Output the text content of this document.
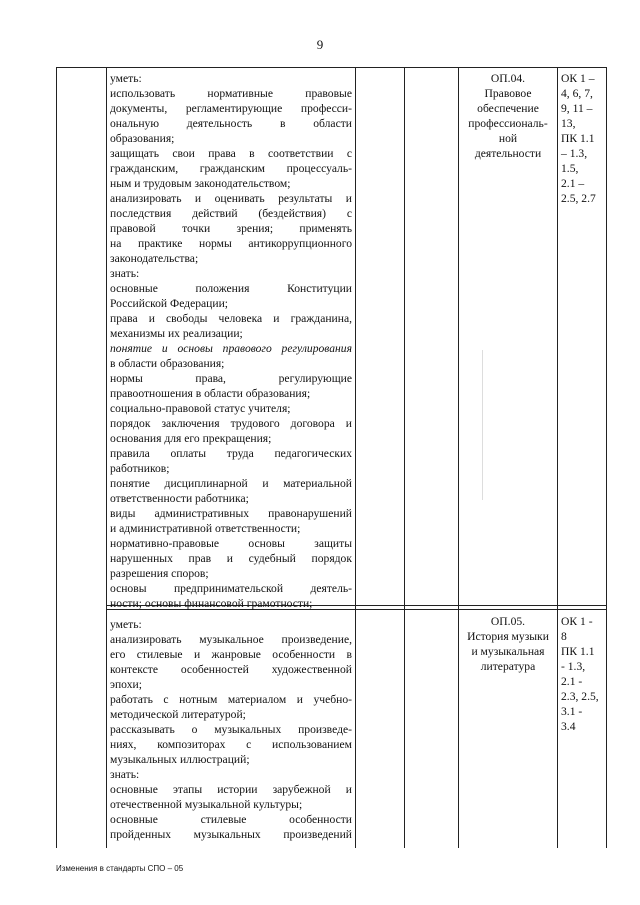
9

уметь:

использовать нормативные правовые

документы, регламентирующие професси-

ональную деятельность в области

образования;

защищать свои права в соответствии с

гражданским, гражданским процессуаль-

ным и трудовым законодательством;

анализировать и оценивать результаты и

последствия действий (бездействия) с

правовой точки зрения; применять

на практике нормы антикоррупционного

законодательства;

знать:

основные положения Конституции

Российской Федерации;

права и свободы человека и гражданина,

механизмы их реализации;

понятие и основы правового регулирования

в области образования;

нормы права, регулирующие

правоотношения в области образования;

социально-правовой статус учителя;

порядок заключения трудового договора и

основания для его прекращения;

правила оплаты труда педагогических

работников;

понятие дисциплинарной и материальной

ответственности работника;

виды административных правонарушений

и административной ответственности;

нормативно-правовые основы защиты

нарушенных прав и судебный порядок

разрешения споров;

основы предпринимательской деятель-

ности; основы финансовой грамотности;

ОП.04.
Правовое
обеспечение
профессиональ-
ной
деятельности
ОК 1 –
4, 6, 7,
9, 11 –
13,
ПК 1.1
– 1.3,
1.5,
2.1 –
2.5, 2.7

уметь:

анализировать музыкальное произведение,

его стилевые и жанровые особенности в

контексте особенностей художественной

эпохи;

работать с нотным материалом и учебно-

методической литературой;

рассказывать о музыкальных произведе-

ниях, композиторах с использованием

музыкальных иллюстраций;

знать:

основные этапы истории зарубежной и

отечественной музыкальной культуры;

основные стилевые особенности

пройденных музыкальных произведений

ОП.05.
История музыки
и музыкальная
литература
ОК 1 -
8
ПК 1.1
- 1.3,
2.1 -
2.3, 2.5,
3.1 -
3.4
Изменения в стандарты СПО – 05
